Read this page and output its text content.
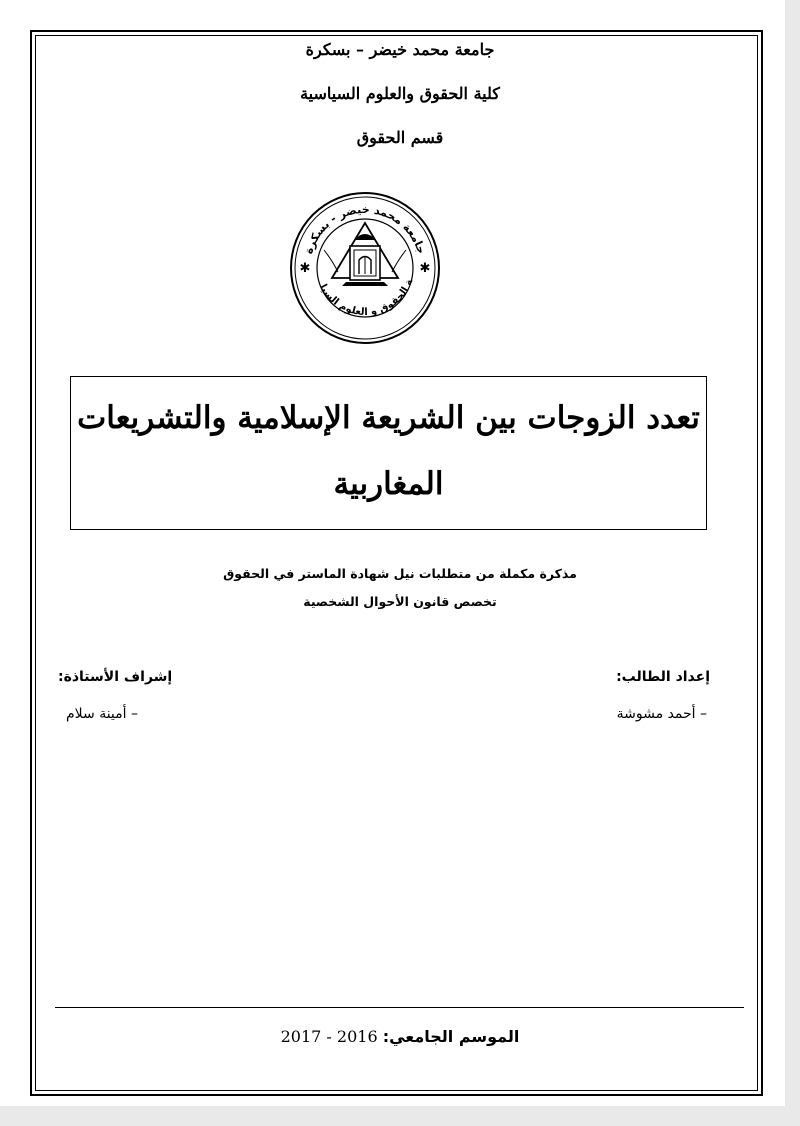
جامعة محمد خيضر – بسكرة
كلية الحقوق والعلوم السياسية
قسم الحقوق
جامعة محمد خيضر - بسكرة
ة الحقوق و العلوم السيا
✱	✱
تعدد الزوجات بين الشريعة الإسلامية والتشريعات
المغاربية
مذكرة مكملة من متطلبات نيل شهادة الماستر في الحقوق
تخصص قانون الأحوال الشخصية
إعداد الطالب:
إشراف الأستاذة:
– أحمد مشوشة
– أمينة سلام
الموسم الجامعي: 2016 - 2017
